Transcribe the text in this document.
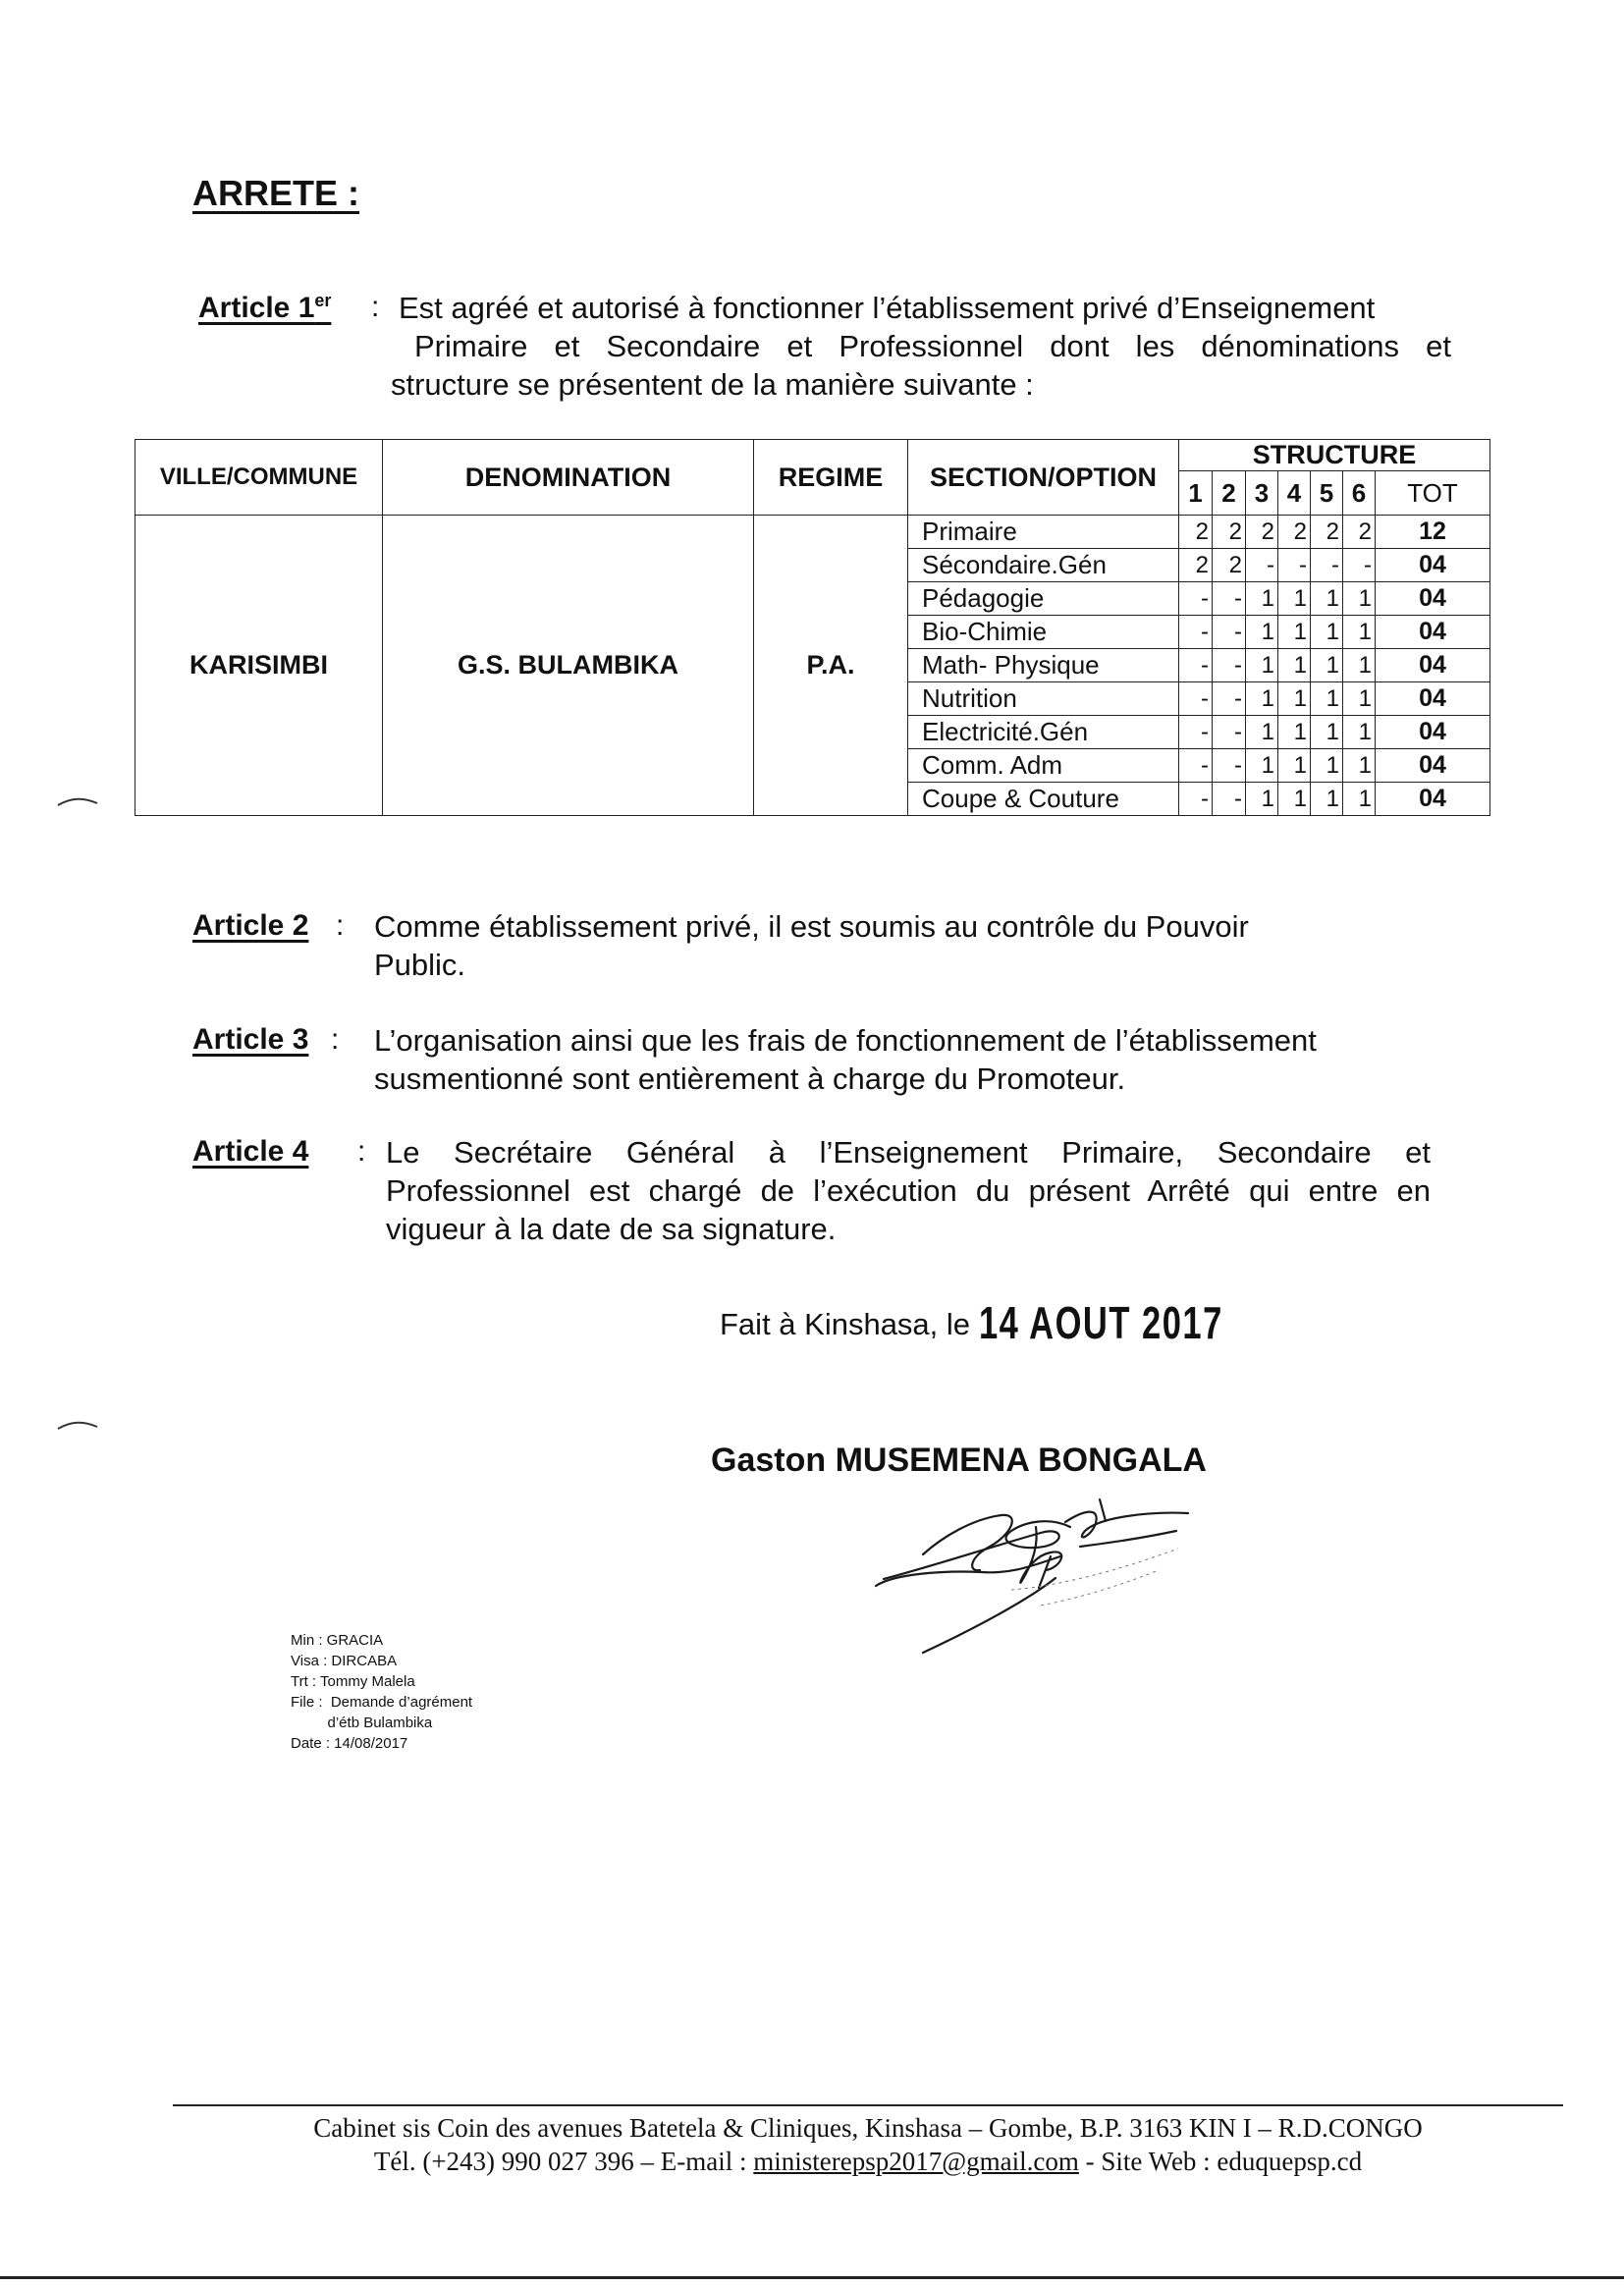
ARRETE :
Article 1er : Est agréé et autorisé à fonctionner l’établissement privé d’Enseignement
Primaire et Secondaire et Professionnel dont les dénominations et
structure se présentent de la manière suivante :
VILLE/COMMUNE	DENOMINATION	REGIME	SECTION/OPTION	STRUCTURE						
				1	2	3	4	5	6	TOT
KARISIMBI	G.S. BULAMBIKA	P.A.	Primaire	2	2	2	2	2	2	12
			Sécondaire.Gén	2	2	-	-	-	-	04
			Pédagogie	-	-	1	1	1	1	04
			Bio-Chimie	-	-	1	1	1	1	04
			Math- Physique	-	-	1	1	1	1	04
			Nutrition	-	-	1	1	1	1	04
			Electricité.Gén	-	-	1	1	1	1	04
			Comm. Adm	-	-	1	1	1	1	04
			Coupe & Couture	-	-	1	1	1	1	04
Article 2 : Comme établissement privé, il est soumis au contrôle du Pouvoir
Public.
Article 3 : L’organisation ainsi que les frais de fonctionnement de l’établissement
susmentionné sont entièrement à charge du Promoteur.
Article 4 : Le Secrétaire Général à l’Enseignement Primaire, Secondaire et
Professionnel est chargé de l’exécution du présent Arrêté qui entre en
vigueur à la date de sa signature.
Fait à Kinshasa, le 14 AOUT 2017
Gaston MUSEMENA BONGALA
Min : GRACIA
Visa : DIRCABA
Trt : Tommy Malela
File :  Demande d’agrément
d’étb Bulambika
Date : 14/08/2017
Cabinet sis Coin des avenues Batetela & Cliniques, Kinshasa – Gombe, B.P. 3163 KIN I – R.D.CONGO
Tél. (+243) 990 027 396 – E-mail : ministerepsp2017@gmail.com - Site Web : eduquepsp.cd
